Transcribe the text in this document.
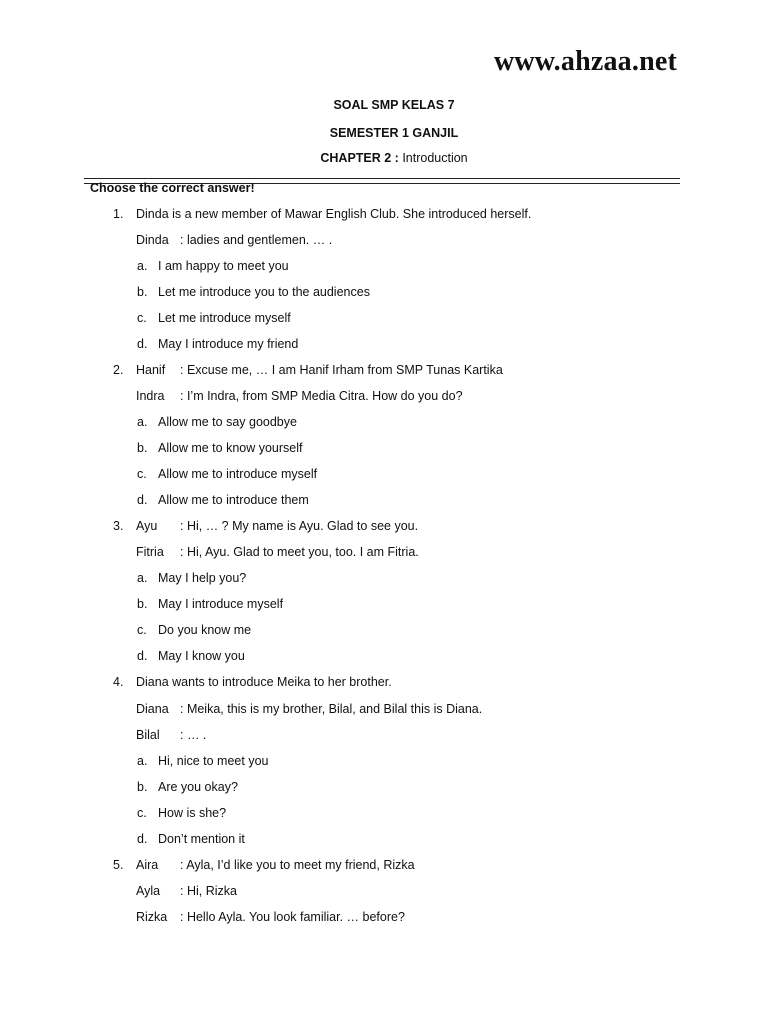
www.ahzaa.net
SOAL SMP KELAS 7
SEMESTER 1 GANJIL
CHAPTER 2 : Introduction
Choose the correct answer!
1. Dinda is a new member of Mawar English Club. She introduced herself.
Dinda : ladies and gentlemen. … .
a. I am happy to meet you
b. Let me introduce you to the audiences
c. Let me introduce myself
d. May I introduce my friend
2. Hanif : Excuse me, … I am Hanif Irham from SMP Tunas Kartika
Indra : I’m Indra, from SMP Media Citra. How do you do?
a. Allow me to say goodbye
b. Allow me to know yourself
c. Allow me to introduce myself
d. Allow me to introduce them
3. Ayu : Hi, … ? My name is Ayu. Glad to see you.
Fitria : Hi, Ayu. Glad to meet you, too. I am Fitria.
a. May I help you?
b. May I introduce myself
c. Do you know me
d. May I know you
4. Diana wants to introduce Meika to her brother.
Diana : Meika, this is my brother, Bilal, and Bilal this is Diana.
Bilal : … .
a. Hi, nice to meet you
b. Are you okay?
c. How is she?
d. Don’t mention it
5. Aira : Ayla, I’d like you to meet my friend, Rizka
Ayla : Hi, Rizka
Rizka : Hello Ayla. You look familiar. … before?
